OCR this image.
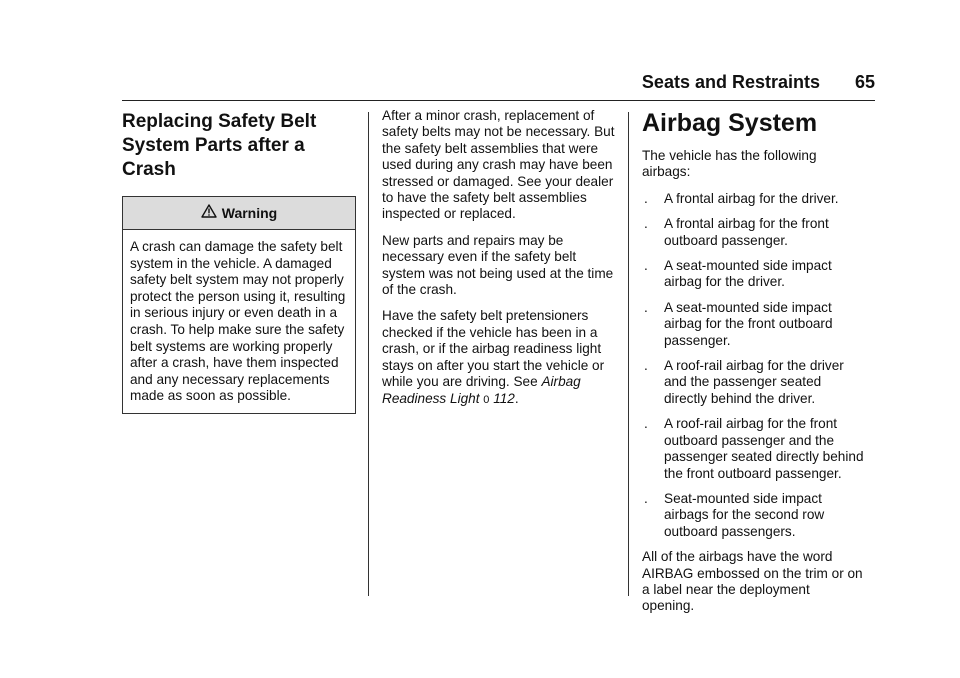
Seats and Restraints 65
Replacing Safety Belt System Parts after a Crash
Warning
A crash can damage the safety belt system in the vehicle. A damaged safety belt system may not properly protect the person using it, resulting in serious injury or even death in a crash. To help make sure the safety belt systems are working properly after a crash, have them inspected and any necessary replacements made as soon as possible.

After a minor crash, replacement of safety belts may not be necessary. But the safety belt assemblies that were used during any crash may have been stressed or damaged. See your dealer to have the safety belt assemblies inspected or replaced.

New parts and repairs may be necessary even if the safety belt system was not being used at the time of the crash.

Have the safety belt pretensioners checked if the vehicle has been in a crash, or if the airbag readiness light stays on after you start the vehicle or while you are driving. See Airbag Readiness Light 0 112.

Airbag System

The vehicle has the following airbags:

. A frontal airbag for the driver.
. A frontal airbag for the front outboard passenger.
. A seat-mounted side impact airbag for the driver.
. A seat-mounted side impact airbag for the front outboard passenger.
. A roof-rail airbag for the driver and the passenger seated directly behind the driver.
. A roof-rail airbag for the front outboard passenger and the passenger seated directly behind the front outboard passenger.
. Seat-mounted side impact airbags for the second row outboard passengers.

All of the airbags have the word AIRBAG embossed on the trim or on a label near the deployment opening.
